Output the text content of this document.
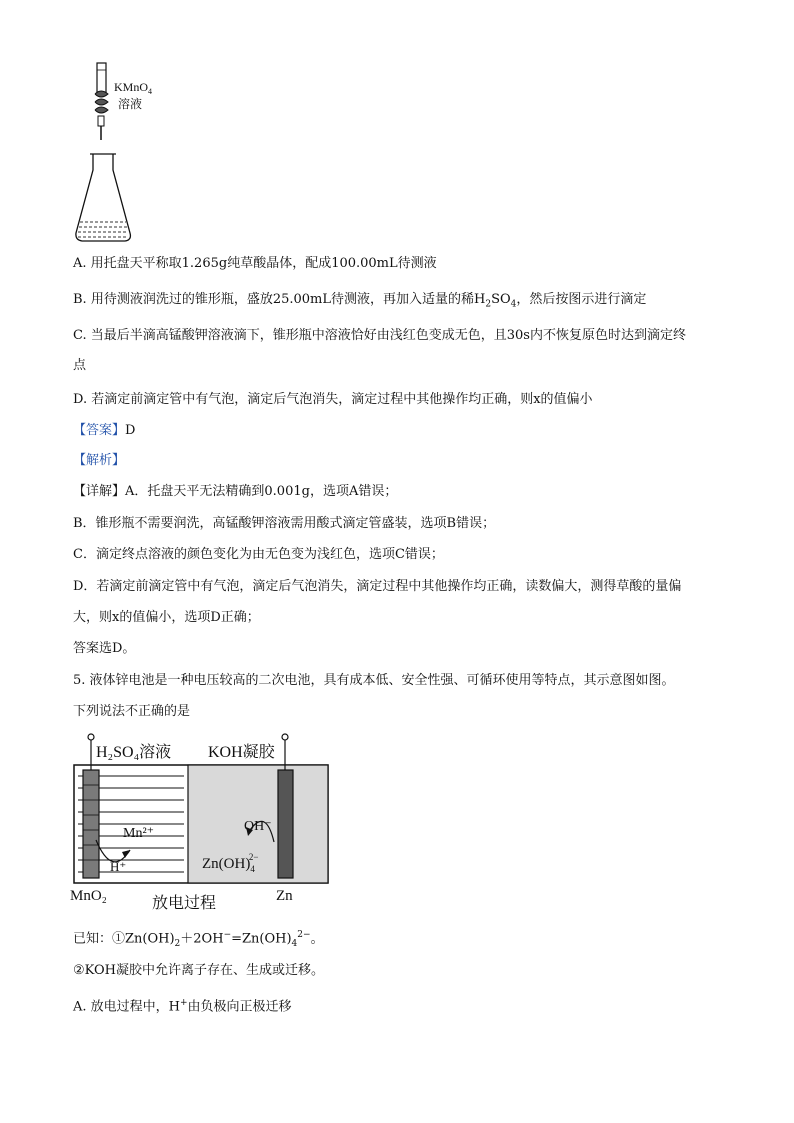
KMnO$_4$
溶液
A. 用托盘天平称取1.265g纯草酸晶体，配成100.00mL待测液
B. 用待测液润洗过的锥形瓶，盛放25.00mL待测液，再加入适量的稀$H_2SO_4$，然后按图示进行滴定
C. 当最后半滴高锰酸钾溶液滴下，锥形瓶中溶液恰好由浅红色变成无色，且30s内不恢复原色时达到滴定终
点
D. 若滴定前滴定管中有气泡，滴定后气泡消失，滴定过程中其他操作均正确，则x的值偏小
【答案】D
【解析】
【详解】A．托盘天平无法精确到0.001g，选项A错误；
B．锥形瓶不需要润洗，高锰酸钾溶液需用酸式滴定管盛装，选项B错误；
C．滴定终点溶液的颜色变化为由无色变为浅红色，选项C错误；
D．若滴定前滴定管中有气泡，滴定后气泡消失，滴定过程中其他操作均正确，读数偏大，测得草酸的量偏
大，则x的值偏小，选项D正确；
答案选D。
5. 液体锌电池是一种电压较高的二次电池，具有成本低、安全性强、可循环使用等特点，其示意图如图。
下列说法不正确的是
H₂SO₄溶液 KOH凝胶
Mn²⁺
H⁺
OH⁻
$Zn(OH)_42-$
MnO₂	Zn
放电过程
已知：$①Zn(OH)_2+2OH^-=Zn(OH)_4^{2-}$。
②KOH凝胶中允许离子存在、生成或迁移。
A. 放电过程中，H+由负极向正极迁移
